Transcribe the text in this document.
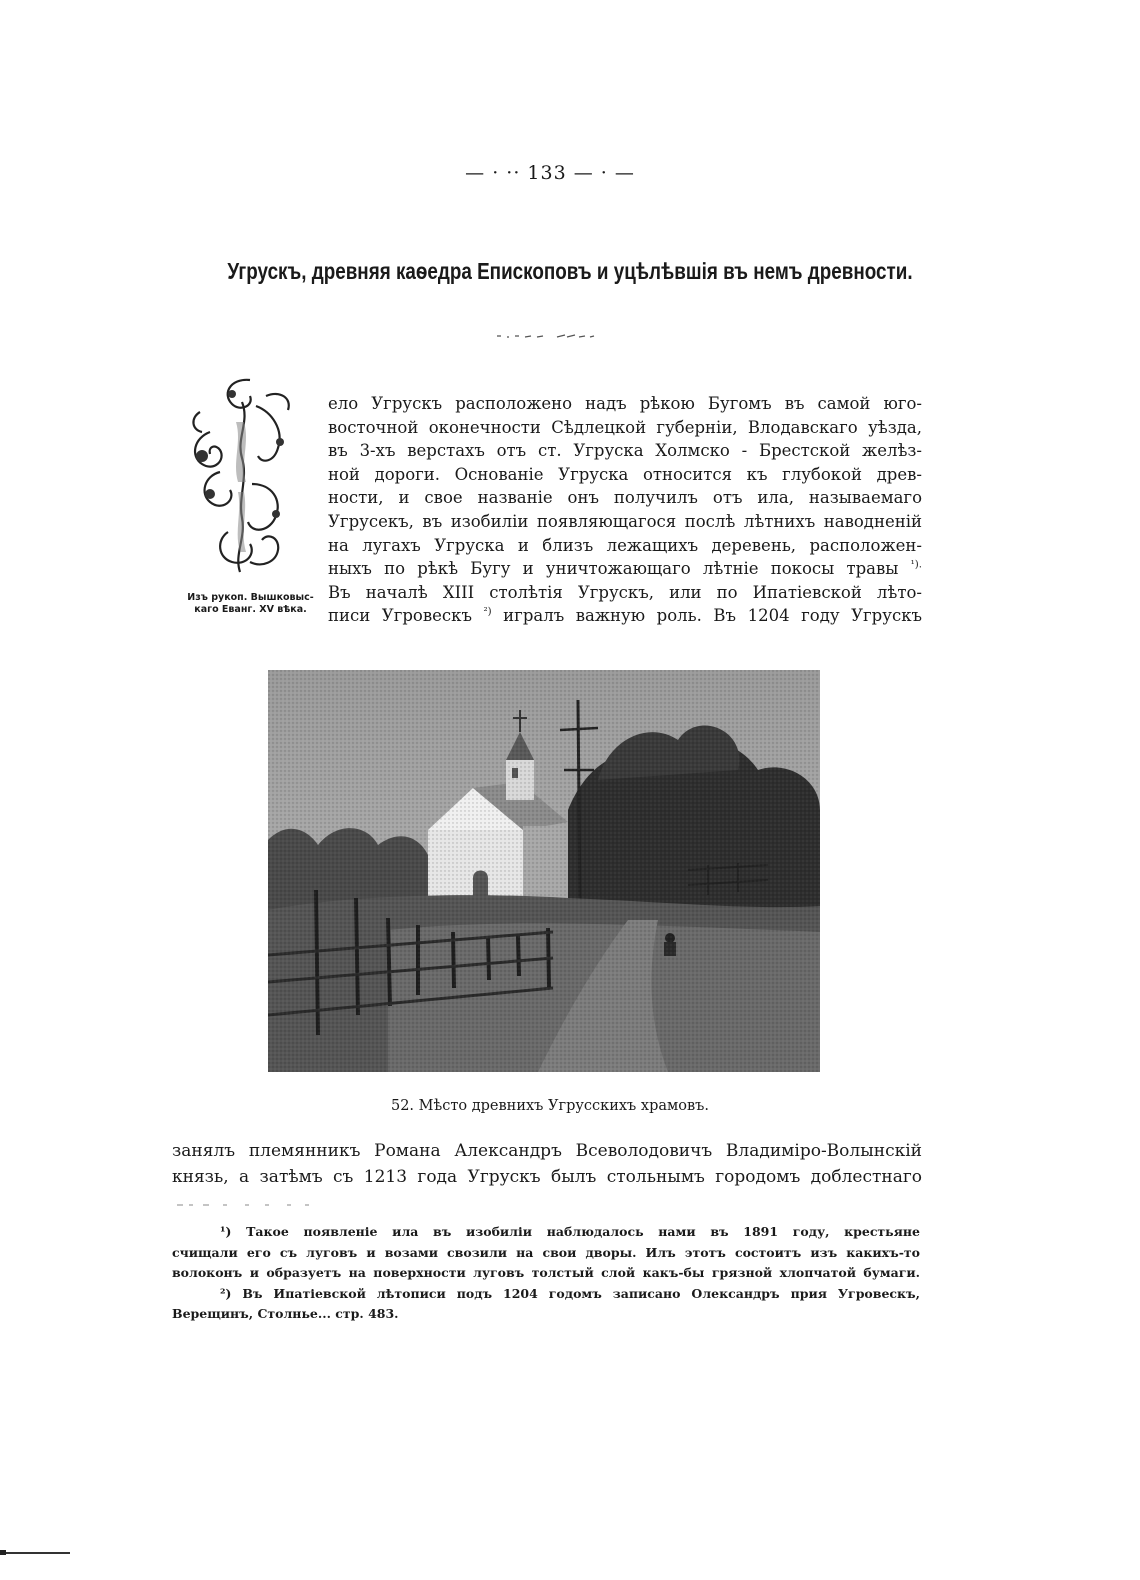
— · ·· 133 — · —
Угрускъ, древняя каѳедра Епископовъ и уцѣлѣвшія въ немъ древности.
Изъ рукоп. Вышковыс-
каго Еванг. XV вѣка.
ело Угрускъ расположено надъ рѣкою Бугомъ въ самой юго-
восточной оконечности Сѣдлецкой губерніи, Влодавскаго уѣзда,
въ 3-хъ верстахъ отъ ст. Угруска Холмско - Брестской желѣз-
ной дороги. Основаніе Угруска относится къ глубокой древ-
ности, и свое названіе онъ получилъ отъ ила, называемаго
Угрусекъ, въ изобиліи появляющагося послѣ лѣтнихъ наводненій
на лугахъ Угруска и близъ лежащихъ деревень, расположен-
ныхъ по рѣкѣ Бугу и уничтожающаго лѣтніе покосы травы $^{^1).}$
Въ началѣ XIII столѣтія Угрускъ, или по Ипатіевской лѣто-
писи Угровескъ $^{^2)}$ игралъ важную роль. Въ 1204 году Угрускъ
52. Мѣсто древнихъ Угрусскихъ храмовъ.
занялъ племянникъ Романа Александръ Всеволодовичъ Владиміро-Волынскій
князь, а затѣмъ съ 1213 года Угрускъ былъ стольнымъ городомъ доблестнаго
¹) Такое появленіе ила въ изобиліи наблюдалось нами въ 1891 году, крестьяне
счищали его съ луговъ и возами свозили на свои дворы. Илъ этотъ состоитъ изъ какихъ-то
волоконъ и образуетъ на поверхности луговъ толстый слой какъ-бы грязной хлопчатой бумаги.
²) Въ Ипатіевской лѣтописи подъ 1204 годомъ записано Олександръ прия Угровескъ,
Верещинъ, Столнье... стр. 483.
